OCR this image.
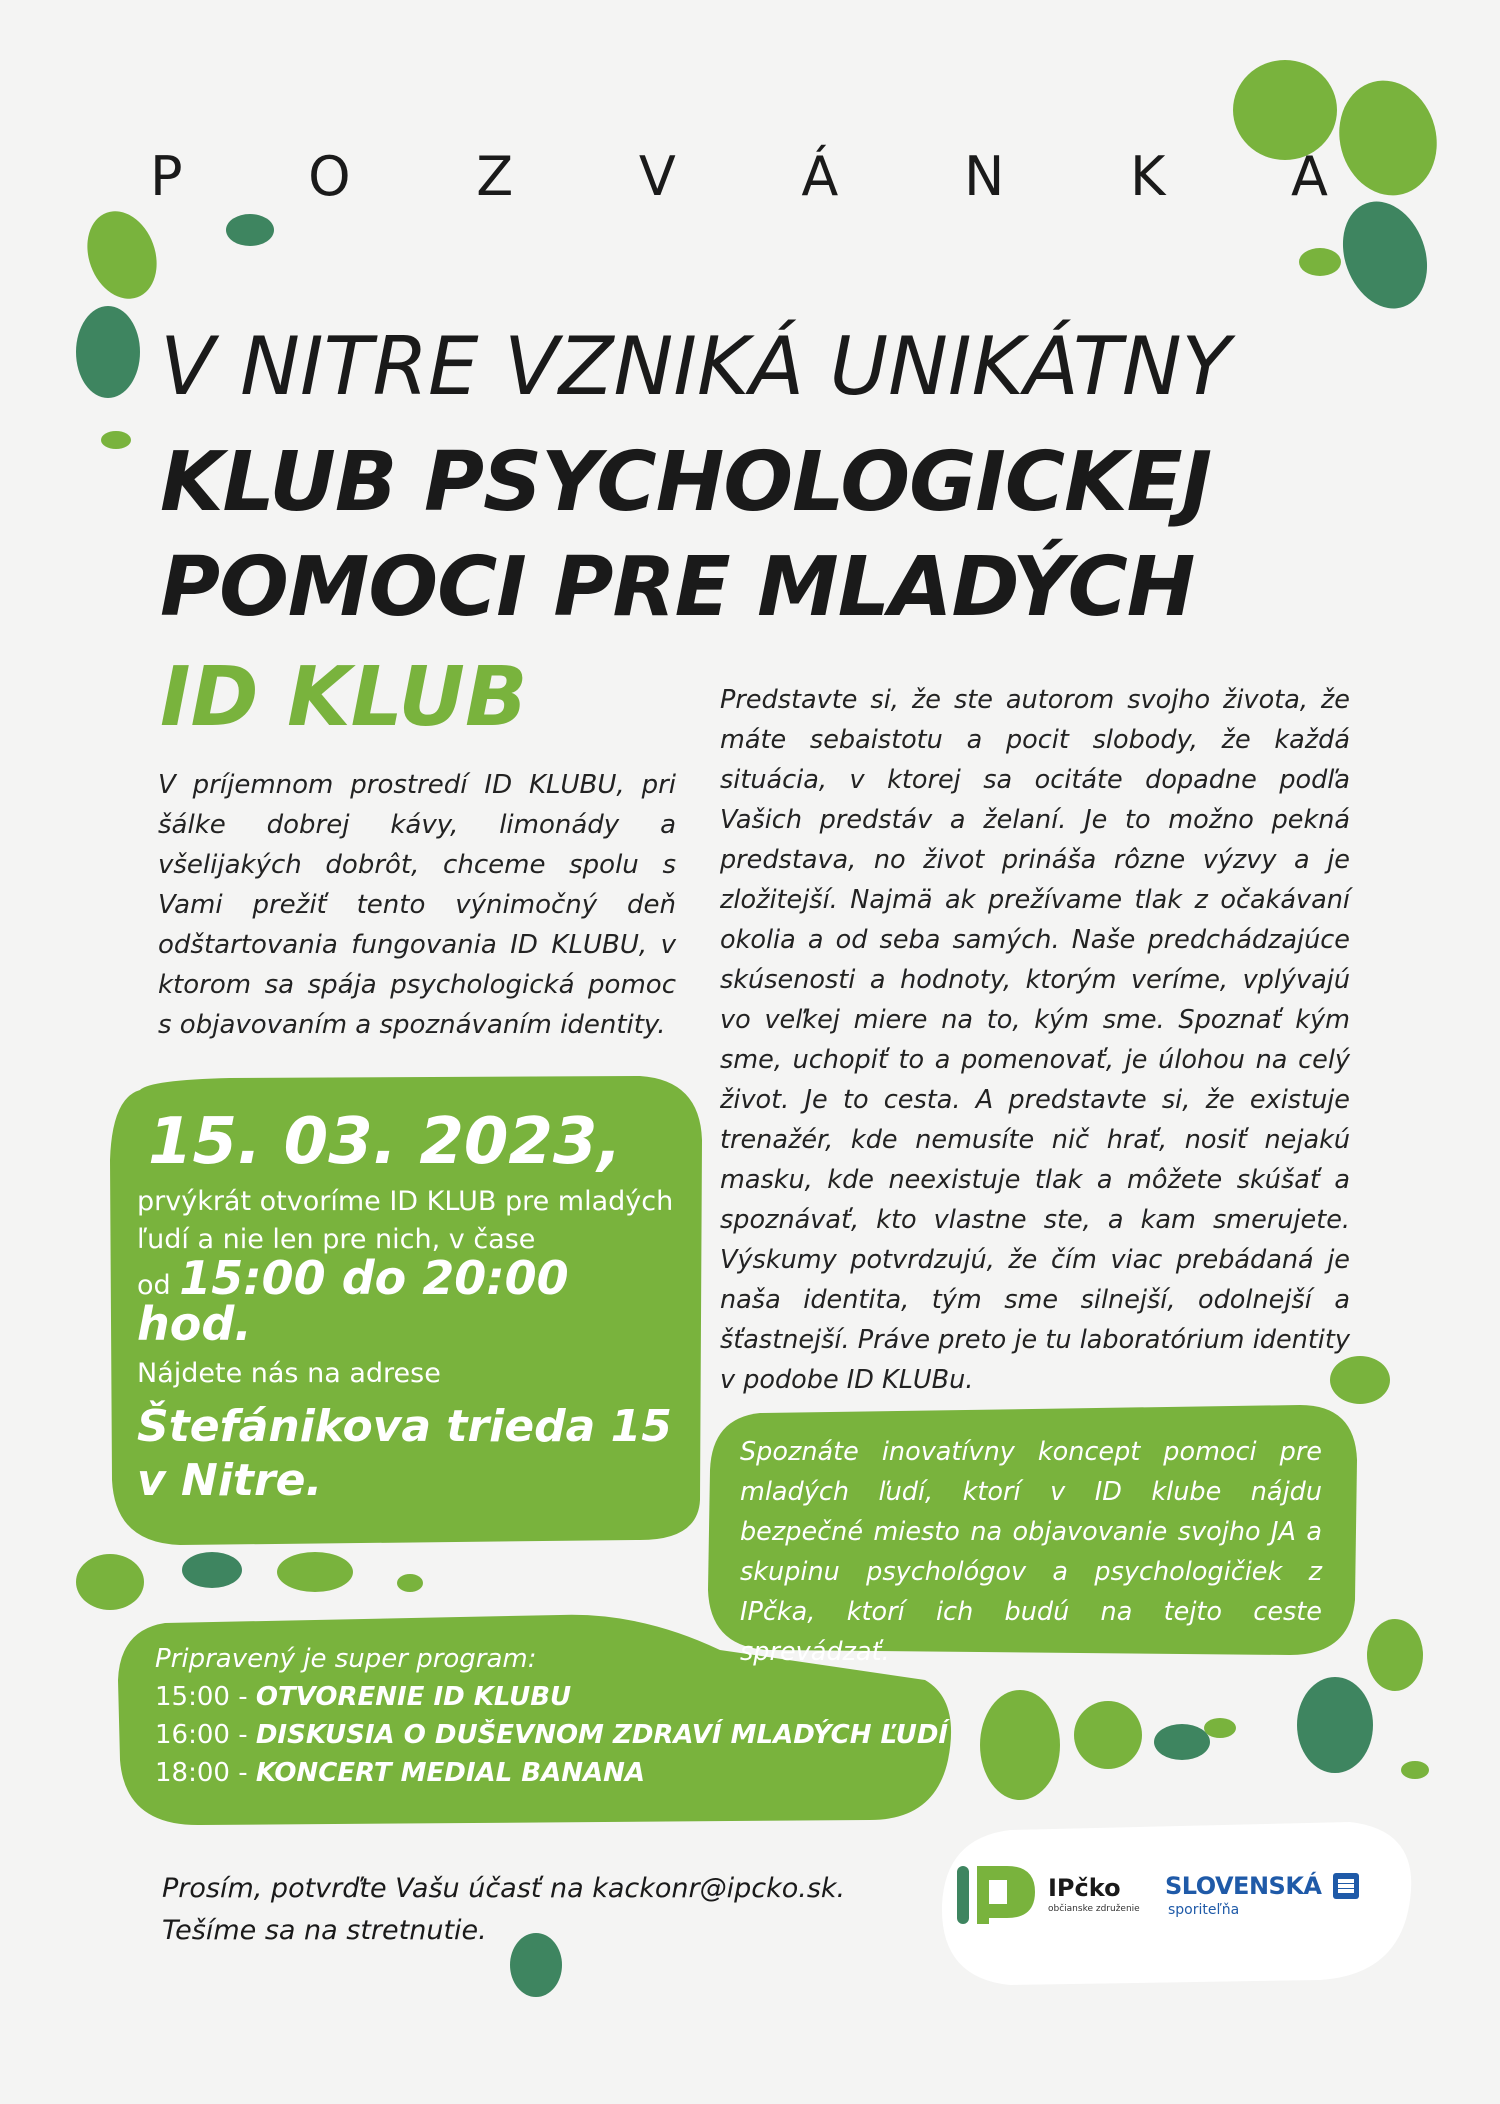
P O Z V Á N K A
V NITRE VZNIKÁ UNIKÁTNY
KLUB PSYCHOLOGICKEJ
POMOCI PRE MLADÝCH
ID KLUB
V príjemnom prostredí ID KLUBU, pri šálke dobrej kávy, limonády a všelijakých dobrôt, chceme spolu s Vami prežiť tento výnimočný deň odštartovania fungovania ID KLUBU, v ktorom sa spája psychologická pomoc s objavovaním a spoznávaním identity.
Predstavte si, že ste autorom svojho života, že máte sebaistotu a pocit slobody, že každá situácia, v ktorej sa ocitáte dopadne podľa Vašich predstáv a želaní. Je to možno pekná predstava, no život prináša rôzne výzvy a je zložitejší. Najmä ak prežívame tlak z očakávaní okolia a od seba samých. Naše predchádzajúce skúsenosti a hodnoty, ktorým veríme, vplývajú vo veľkej miere na to, kým sme. Spoznať kým sme, uchopiť to a pomenovať, je úlohou na celý život. Je to cesta. A predstavte si, že existuje trenažér, kde nemusíte nič hrať, nosiť nejakú masku, kde neexistuje tlak a môžete skúšať a spoznávať, kto vlastne ste, a kam smerujete. Výskumy potvrdzujú, že čím viac prebádaná je naša identita, tým sme silnejší, odolnejší a šťastnejší. Práve preto je tu laboratórium identity v podobe ID KLUBu.
15. 03. 2023,
prvýkrát otvoríme ID KLUB pre mladých ľudí a nie len pre nich, v čase
od 15:00 do 20:00 hod.
Nájdete nás na adrese
Štefánikova trieda 15 v Nitre.
Spoznáte inovatívny koncept pomoci pre mladých ľudí, ktorí v ID klube nájdu bezpečné miesto na objavovanie svojho JA a skupinu psychológov a psychologičiek z IPčka, ktorí ich budú na tejto ceste sprevádzať.
Pripravený je super program:
15:00 - OTVORENIE ID KLUBU
16:00 - DISKUSIA O DUŠEVNOM ZDRAVÍ MLADÝCH ĽUDÍ
18:00 - KONCERT MEDIAL BANANA
Prosím, potvrďte Vašu účasť na kackonr@ipcko.sk.
Tešíme sa na stretnutie.
IPčko
občianske združenie
SLOVENSKÁ
sporiteľňa
